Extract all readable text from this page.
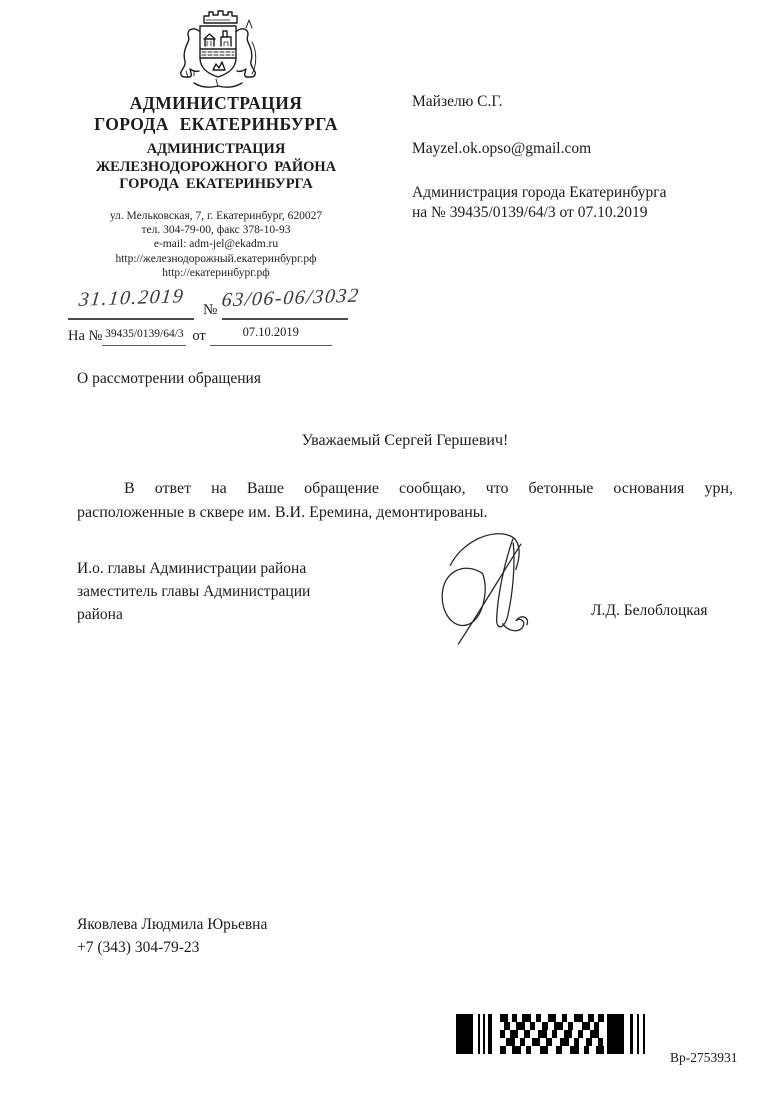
АДМИНИСТРАЦИЯ
ГОРОДА ЕКАТЕРИНБУРГА
АДМИНИСТРАЦИЯ
ЖЕЛЕЗНОДОРОЖНОГО РАЙОНА
ГОРОДА ЕКАТЕРИНБУРГА
ул. Мельковская, 7, г. Екатеринбург, 620027
тел. 304-79-00, факс 378-10-93
e-mail: adm-jel@ekadm.ru
http://железнодорожный.екатеринбург.рф
http://екатеринбург.рф
31.10.2019 № 63/06-06/3032
На № 39435/0139/64/3 от	07.10.2019
Майзелю С.Г.
Mayzel.ok.opso@gmail.com
Администрация города Екатеринбурга
на № 39435/0139/64/3 от 07.10.2019
О рассмотрении обращения
Уважаемый Сергей Гершевич!
В ответ на Ваше обращение сообщаю, что бетонные основания урн,
расположенные в сквере им. В.И. Еремина, демонтированы.
И.о. главы Администрации района
заместитель главы Администрации
района	Л.Д. Белоблоцкая
Яковлева Людмила Юрьевна
+7 (343) 304-79-23
Вр-2753931
